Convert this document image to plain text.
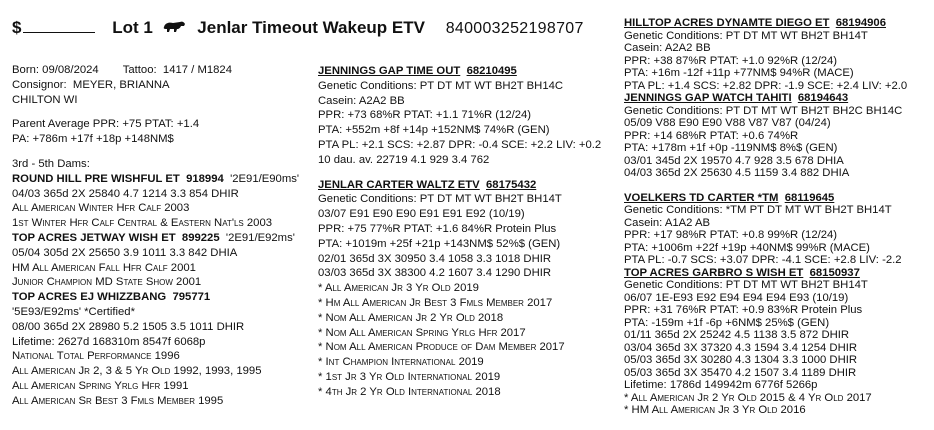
$	Lot 1	Jenlar Timeout Wakeup ETV 840003252198707
Born: 09/08/2024 Tattoo: 1417 / M1824
Consignor: MEYER, BRIANNA
CHILTON WI
Parent Average PPR: +75 PTAT: +1.4
PA: +786m +17f +18p +148NM$
3rd - 5th Dams:
ROUND HILL PRE WISHFUL ET 918994 '2E91/E90ms'
04/03 365d 2X 25840 4.7 1214 3.3 854 DHIR
All American Winter Hfr Calf 2003
1st Winter Hfr Calf Central & Eastern Nat'ls 2003
TOP ACRES JETWAY WISH ET 899225 '2E91/E92ms'
05/04 305d 2X 25650 3.9 1011 3.3 842 DHIA
HM All American Fall Hfr Calf 2001
Junior Champion MD State Show 2001
TOP ACRES EJ WHIZZBANG 795771
'5E93/E92ms' *Certified*
08/00 365d 2X 28980 5.2 1505 3.5 1011 DHIR
Lifetime: 2627d 168310m 8547f 6068p
National Total Performance 1996
All American Jr 2, 3 & 5 Yr Old 1992, 1993, 1995
All American Spring Yrlg Hfr 1991
All American Sr Best 3 Fmls Member 1995
JENNINGS GAP TIME OUT 68210495
Genetic Conditions: PT DT MT WT BH2T BH14C
Casein: A2A2 BB
PPR: +73 68%R PTAT: +1.1 71%R (12/24)
PTA: +552m +8f +14p +152NM$ 74%R (GEN)
PTA PL: +2.1 SCS: +2.87 DPR: -0.4 SCE: +2.2 LIV: +0.2
10 dau. av. 22719 4.1 929 3.4 762
JENLAR CARTER WALTZ ETV 68175432
Genetic Conditions: PT DT MT WT BH2T BH14T
03/07 E91 E90 E90 E91 E91 E92 (10/19)
PPR: +75 77%R PTAT: +1.6 84%R Protein Plus
PTA: +1019m +25f +21p +143NM$ 52%$ (GEN)
02/01 365d 3X 30950 3.4 1058 3.3 1018 DHIR
03/03 365d 3X 38300 4.2 1607 3.4 1290 DHIR
* All American Jr 3 Yr Old 2019
* Hm All American Jr Best 3 Fmls Member 2017
* Nom All American Jr 2 Yr Old 2018
* Nom All American Spring Yrlg Hfr 2017
* Nom All American Produce of Dam Member 2017
* Int Champion International 2019
* 1st Jr 3 Yr Old International 2019
* 4th Jr 2 Yr Old International 2018
HILLTOP ACRES DYNAMTE DIEGO ET 68194906
Genetic Conditions: PT DT MT WT BH2T BH14T
Casein: A2A2 BB
PPR: +38 87%R PTAT: +1.0 92%R (12/24)
PTA: +16m -12f +11p +77NM$ 94%R (MACE)
PTA PL: +1.4 SCS: +2.82 DPR: -1.9 SCE: +2.4 LIV: +2.0
JENNINGS GAP WATCH TAHITI 68194643
Genetic Conditions: PT DT MT WT BH2T BH2C BH14C
05/09 V88 E90 E90 V88 V87 V87 (04/24)
PPR: +14 68%R PTAT: +0.6 74%R
PTA: +178m +1f +0p -119NM$ 8%$ (GEN)
03/01 345d 2X 19570 4.7 928 3.5 678 DHIA
04/03 365d 2X 25630 4.5 1159 3.4 882 DHIA
VOELKERS TD CARTER *TM 68119645
Genetic Conditions: *TM PT DT MT WT BH2T BH14T
Casein: A1A2 AB
PPR: +17 98%R PTAT: +0.8 99%R (12/24)
PTA: +1006m +22f +19p +40NM$ 99%R (MACE)
PTA PL: -0.7 SCS: +3.07 DPR: -4.1 SCE: +2.8 LIV: -2.2
TOP ACRES GARBRO S WISH ET 68150937
Genetic Conditions: PT DT MT WT BH2T BH14T
06/07 1E-E93 E92 E94 E94 E94 E93 (10/19)
PPR: +31 76%R PTAT: +0.9 83%R Protein Plus
PTA: -159m +1f -6p +6NM$ 25%$ (GEN)
01/11 365d 2X 25242 4.5 1138 3.5 872 DHIR
03/04 365d 3X 37320 4.3 1594 3.4 1254 DHIR
05/03 365d 3X 30280 4.3 1304 3.3 1000 DHIR
05/03 365d 3X 35470 4.2 1507 3.4 1189 DHIR
Lifetime: 1786d 149942m 6776f 5266p
* All American Jr 2 Yr Old 2015 & 4 Yr Old 2017
* HM All American Jr 3 Yr Old 2016
